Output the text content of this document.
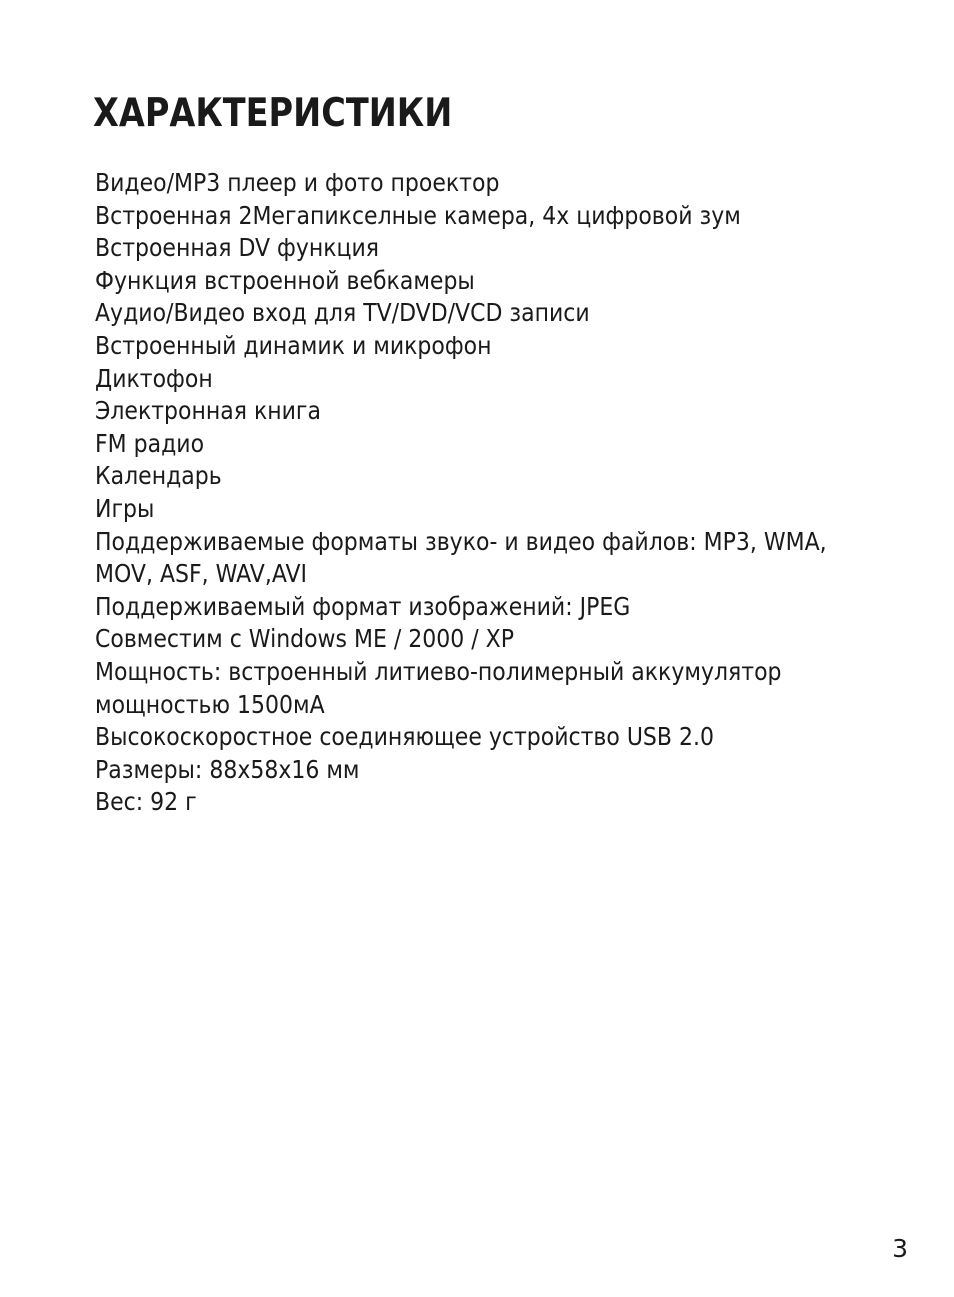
ХАРАКТЕРИСТИКИ
Видео/MP3 плеер и фото проектор
Встроенная 2Мегапикселные камера, 4х цифровой зум
Встроенная DV функция
Функция встроенной вебкамеры
Аудио/Видео вход для TV/DVD/VCD записи
Встроенный динамик и микрофон
Диктофон
Электронная книга
FM радио
Календарь
Игры
Поддерживаемые форматы звуко- и видео файлов: MP3, WMA,
MOV, ASF, WAV,AVI
Поддерживаемый формат изображений: JPEG
Совместим с Windows ME / 2000 / XP
Мощность: встроенный литиево-полимерный аккумулятор
мощностью 1500мА
Высокоскоростное соединяющее устройство USB 2.0
Размеры: 88x58x16 мм
Вес: 92 г
3
